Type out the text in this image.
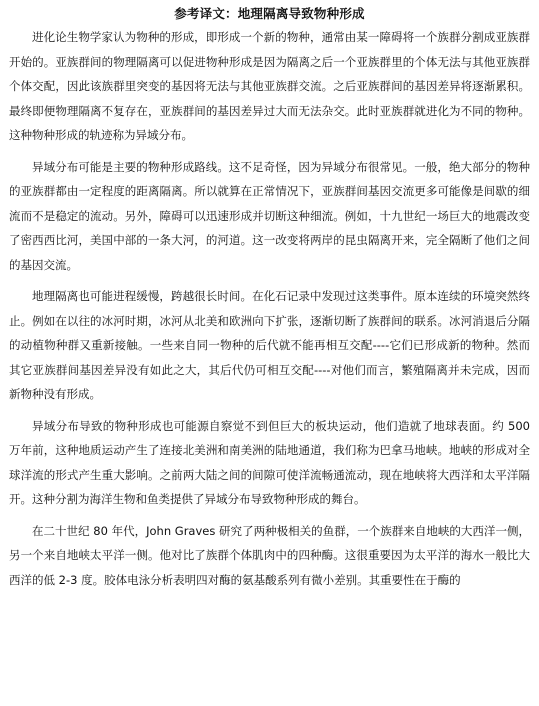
参考译文：地理隔离导致物种形成

进化论生物学家认为物种的形成，即形成一个新的物种，通常由某一障碍将一个族群分割成亚族群开始的。亚族群间的物理隔离可以促进物种形成是因为隔离之后一个亚族群里的个体无法与其他亚族群个体交配，因此该族群里突变的基因将无法与其他亚族群交流。之后亚族群间的基因差异将逐渐累积。最终即便物理隔离不复存在，亚族群间的基因差异过大而无法杂交。此时亚族群就进化为不同的物种。这种物种形成的轨迹称为异域分布。

异域分布可能是主要的物种形成路线。这不足奇怪，因为异域分布很常见。一般，绝大部分的物种的亚族群都由一定程度的距离隔离。所以就算在正常情况下，亚族群间基因交流更多可能像是间歇的细流而不是稳定的流动。另外，障碍可以迅速形成并切断这种细流。例如，十九世纪一场巨大的地震改变了密西西比河，美国中部的一条大河，的河道。这一改变将两岸的昆虫隔离开来，完全隔断了他们之间的基因交流。

地理隔离也可能进程缓慢，跨越很长时间。在化石记录中发现过这类事件。原本连续的环境突然终止。例如在以往的冰河时期，冰河从北美和欧洲向下扩张，逐渐切断了族群间的联系。冰河消退后分隔的动植物种群又重新接触。一些来自同一物种的后代就不能再相互交配----它们已形成新的物种。然而其它亚族群间基因差异没有如此之大，其后代仍可相互交配----对他们而言，繁殖隔离并未完成，因而新物种没有形成。

异域分布导致的物种形成也可能源自察觉不到但巨大的板块运动，他们造就了地球表面。约 500 万年前，这种地质运动产生了连接北美洲和南美洲的陆地通道，我们称为巴拿马地峡。地峡的形成对全球洋流的形式产生重大影响。之前两大陆之间的间隙可使洋流畅通流动，现在地峡将大西洋和太平洋隔开。这种分割为海洋生物和鱼类提供了异域分布导致物种形成的舞台。

在二十世纪 80 年代，John Graves 研究了两种极相关的鱼群，一个族群来自地峡的大西洋一侧，另一个来自地峡太平洋一侧。他对比了族群个体肌肉中的四种酶。这很重要因为太平洋的海水一般比大西洋的低 2-3 度。胶体电泳分析表明四对酶的氨基酸系列有微小差别。其重要性在于酶的
